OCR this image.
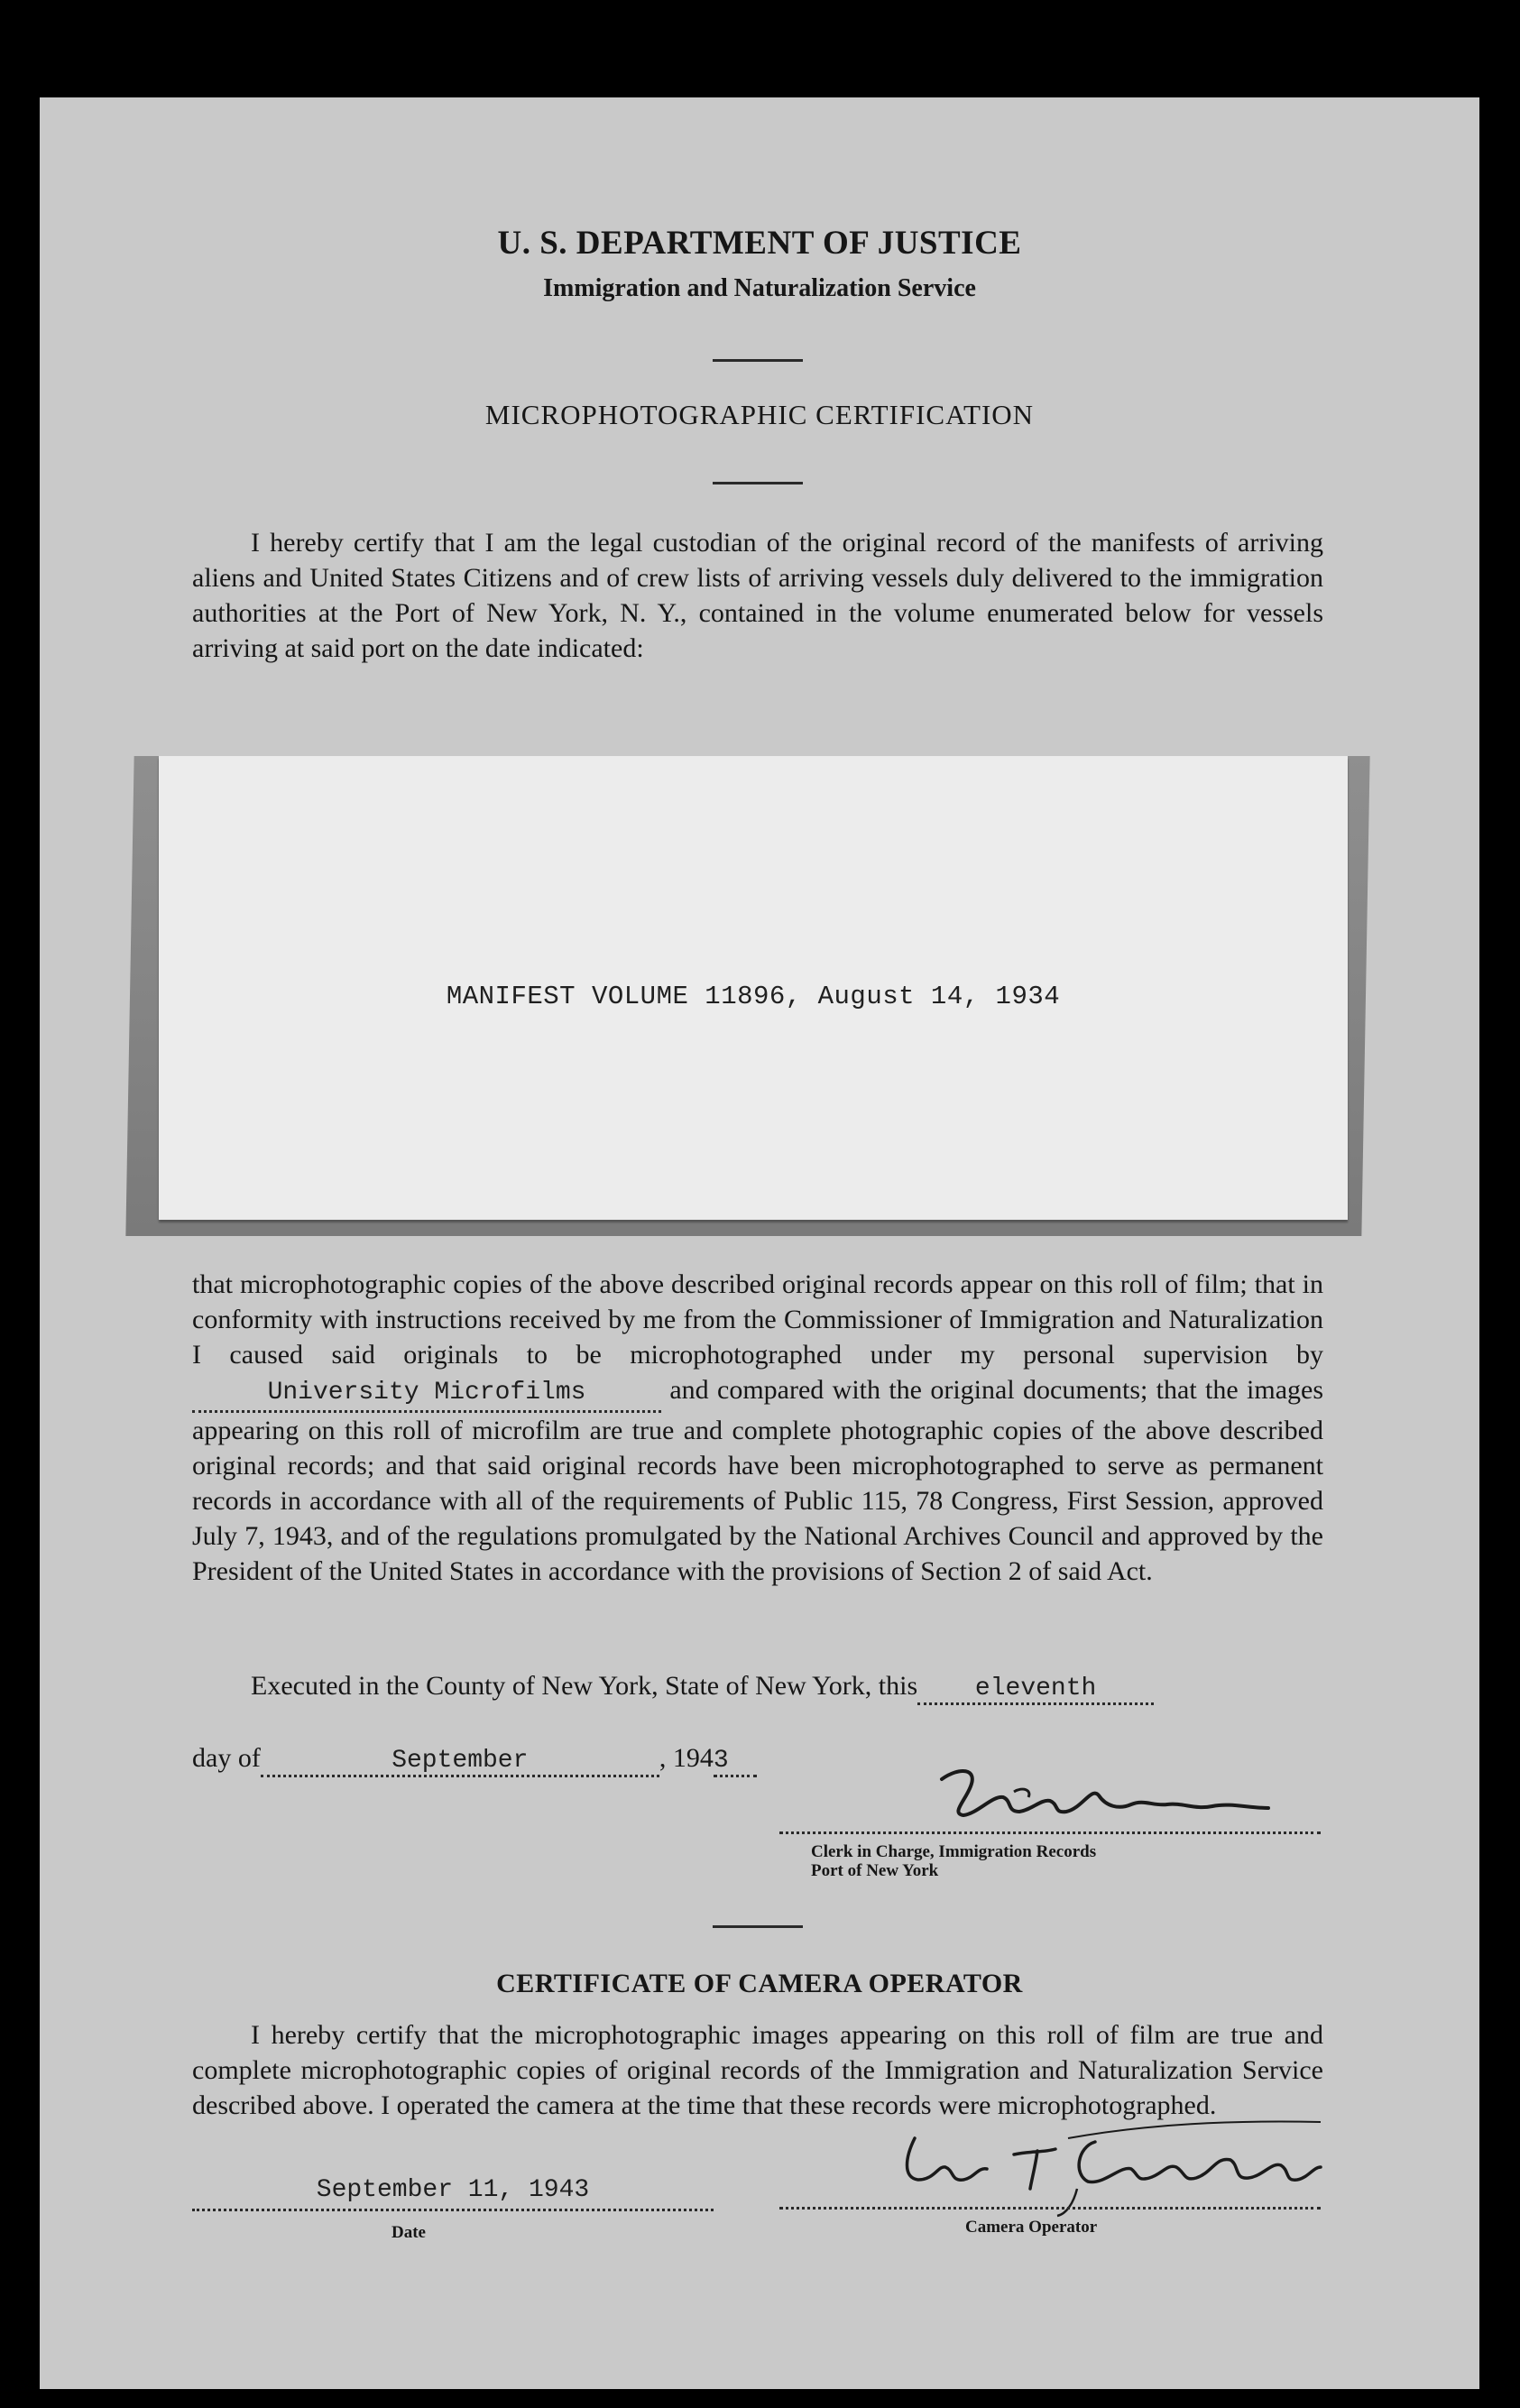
U. S. DEPARTMENT OF JUSTICE
Immigration and Naturalization Service
MICROPHOTOGRAPHIC CERTIFICATION
I hereby certify that I am the legal custodian of the original record of the manifests of arriving aliens and United States Citizens and of crew lists of arriving vessels duly delivered to the immigration authorities at the Port of New York, N. Y., contained in the volume enumerated below for vessels arriving at said port on the date indicated:
MANIFEST VOLUME 11896, August 14, 1934
that microphotographic copies of the above described original records appear on this roll of film; that in conformity with instructions received by me from the Commissioner of Immigration and Naturalization I caused said originals to be microphotographed under my personal supervision by University Microfilms	and compared with the original documents; that the images appearing on this roll of microfilm are true and complete photographic copies of the above described original records; and that said original records have been microphotographed to serve as permanent records in accordance with all of the requirements of Public 115, 78 Congress, First Session, approved July 7, 1943, and of the regulations promulgated by the National Archives Council and approved by the President of the United States in accordance with the provisions of Section 2 of said Act.
Executed in the County of New York, State of New York, this eleventh
day of	September	, 1943
Clerk in Charge, Immigration Records
Port of New York
CERTIFICATE OF CAMERA OPERATOR
I hereby certify that the microphotographic images appearing on this roll of film are true and complete microphotographic copies of original records of the Immigration and Naturalization Service described above. I operated the camera at the time that these records were microphotographed.
September 11, 1943
Date	Camera Operator
